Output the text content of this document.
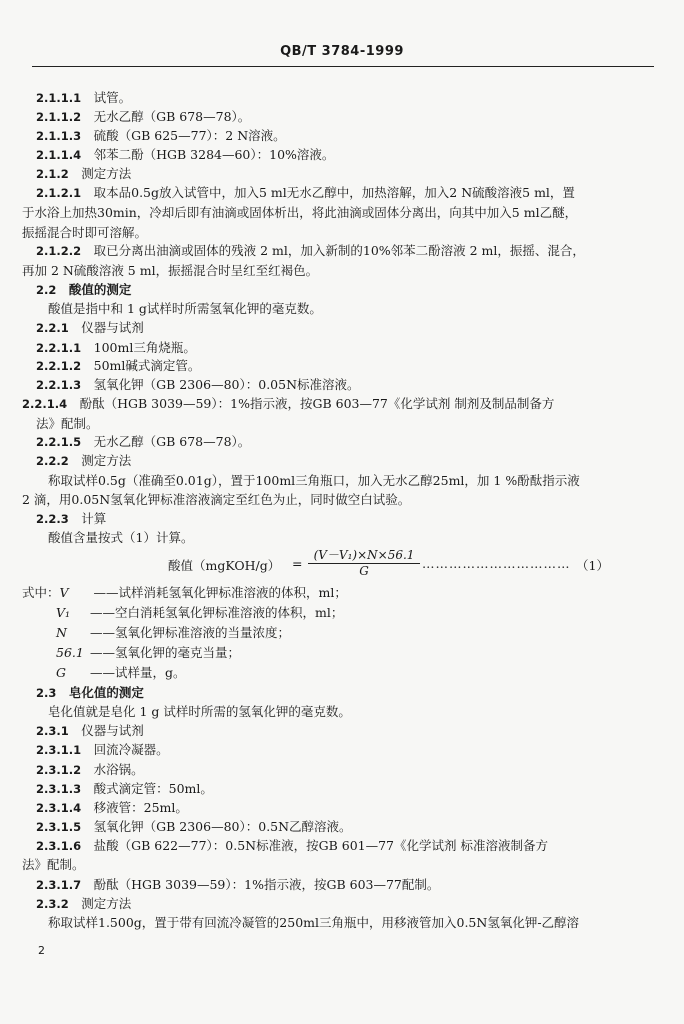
QB/T 3784-1999
2.1.1.1  试管。
2.1.1.2  无水乙醇（GB 678—78）。
2.1.1.3  硫酸（GB 625—77）：2 N溶液。
2.1.1.4  邻苯二酚（HGB 3284—60）：10%溶液。
2.1.2  测定方法
2.1.2.1  取本品0.5g放入试管中，加入5 ml无水乙醇中，加热溶解，加入2 N硫酸溶液5 ml，置
于水浴上加热30min，冷却后即有油滴或固体析出，将此油滴或固体分离出，向其中加入5 ml乙醚，
振摇混合时即可溶解。
2.1.2.2  取已分离出油滴或固体的残液 2 ml，加入新制的10%邻苯二酚溶液 2 ml，振摇、混合，
再加 2 N硫酸溶液 5 ml，振摇混合时呈红至红褐色。
2.2  酸值的测定
酸值是指中和 1 g试样时所需氢氧化钾的毫克数。
2.2.1  仪器与试剂
2.2.1.1  100ml三角烧瓶。
2.2.1.2  50ml碱式滴定管。
2.2.1.3  氢氧化钾（GB 2306—80）：0.05N标准溶液。
2.2.1.4  酚酞（HGB 3039—59）：1%指示液，按GB 603—77《化学试剂 制剂及制品制备方
法》配制。
2.2.1.5  无水乙醇（GB 678—78）。
2.2.2  测定方法
称取试样0.5g（准确至0.01g），置于100ml三角瓶口，加入无水乙醇25ml，加 1 %酚酞指示液
2 滴，用0.05N氢氧化钾标准溶液滴定至红色为止，同时做空白试验。
2.2.3  计算
酸值含量按式（1）计算。
酸值（mgKOH/g） = $\frac{\text{(V－V₁)×N×56.1}}{G}$ …………………………… （1）
式中：V ——试样消耗氢氧化钾标准溶液的体积，ml；
V₁ ——空白消耗氢氧化钾标准溶液的体积，ml；
N ——氢氧化钾标准溶液的当量浓度；
56.1 ——氢氧化钾的毫克当量；
G ——试样量，g。
2.3  皂化值的测定
皂化值就是皂化 1 g 试样时所需的氢氧化钾的毫克数。
2.3.1  仪器与试剂
2.3.1.1  回流冷凝器。
2.3.1.2  水浴锅。
2.3.1.3  酸式滴定管：50ml。
2.3.1.4  移液管：25ml。
2.3.1.5  氢氧化钾（GB 2306—80）：0.5N乙醇溶液。
2.3.1.6  盐酸（GB 622—77）：0.5N标准液，按GB 601—77《化学试剂 标准溶液制备方
法》配制。
2.3.1.7  酚酞（HGB 3039—59）：1%指示液，按GB 603—77配制。
2.3.2  测定方法
称取试样1.500g，置于带有回流冷凝管的250ml三角瓶中，用移液管加入0.5N氢氧化钾-乙醇溶
2
